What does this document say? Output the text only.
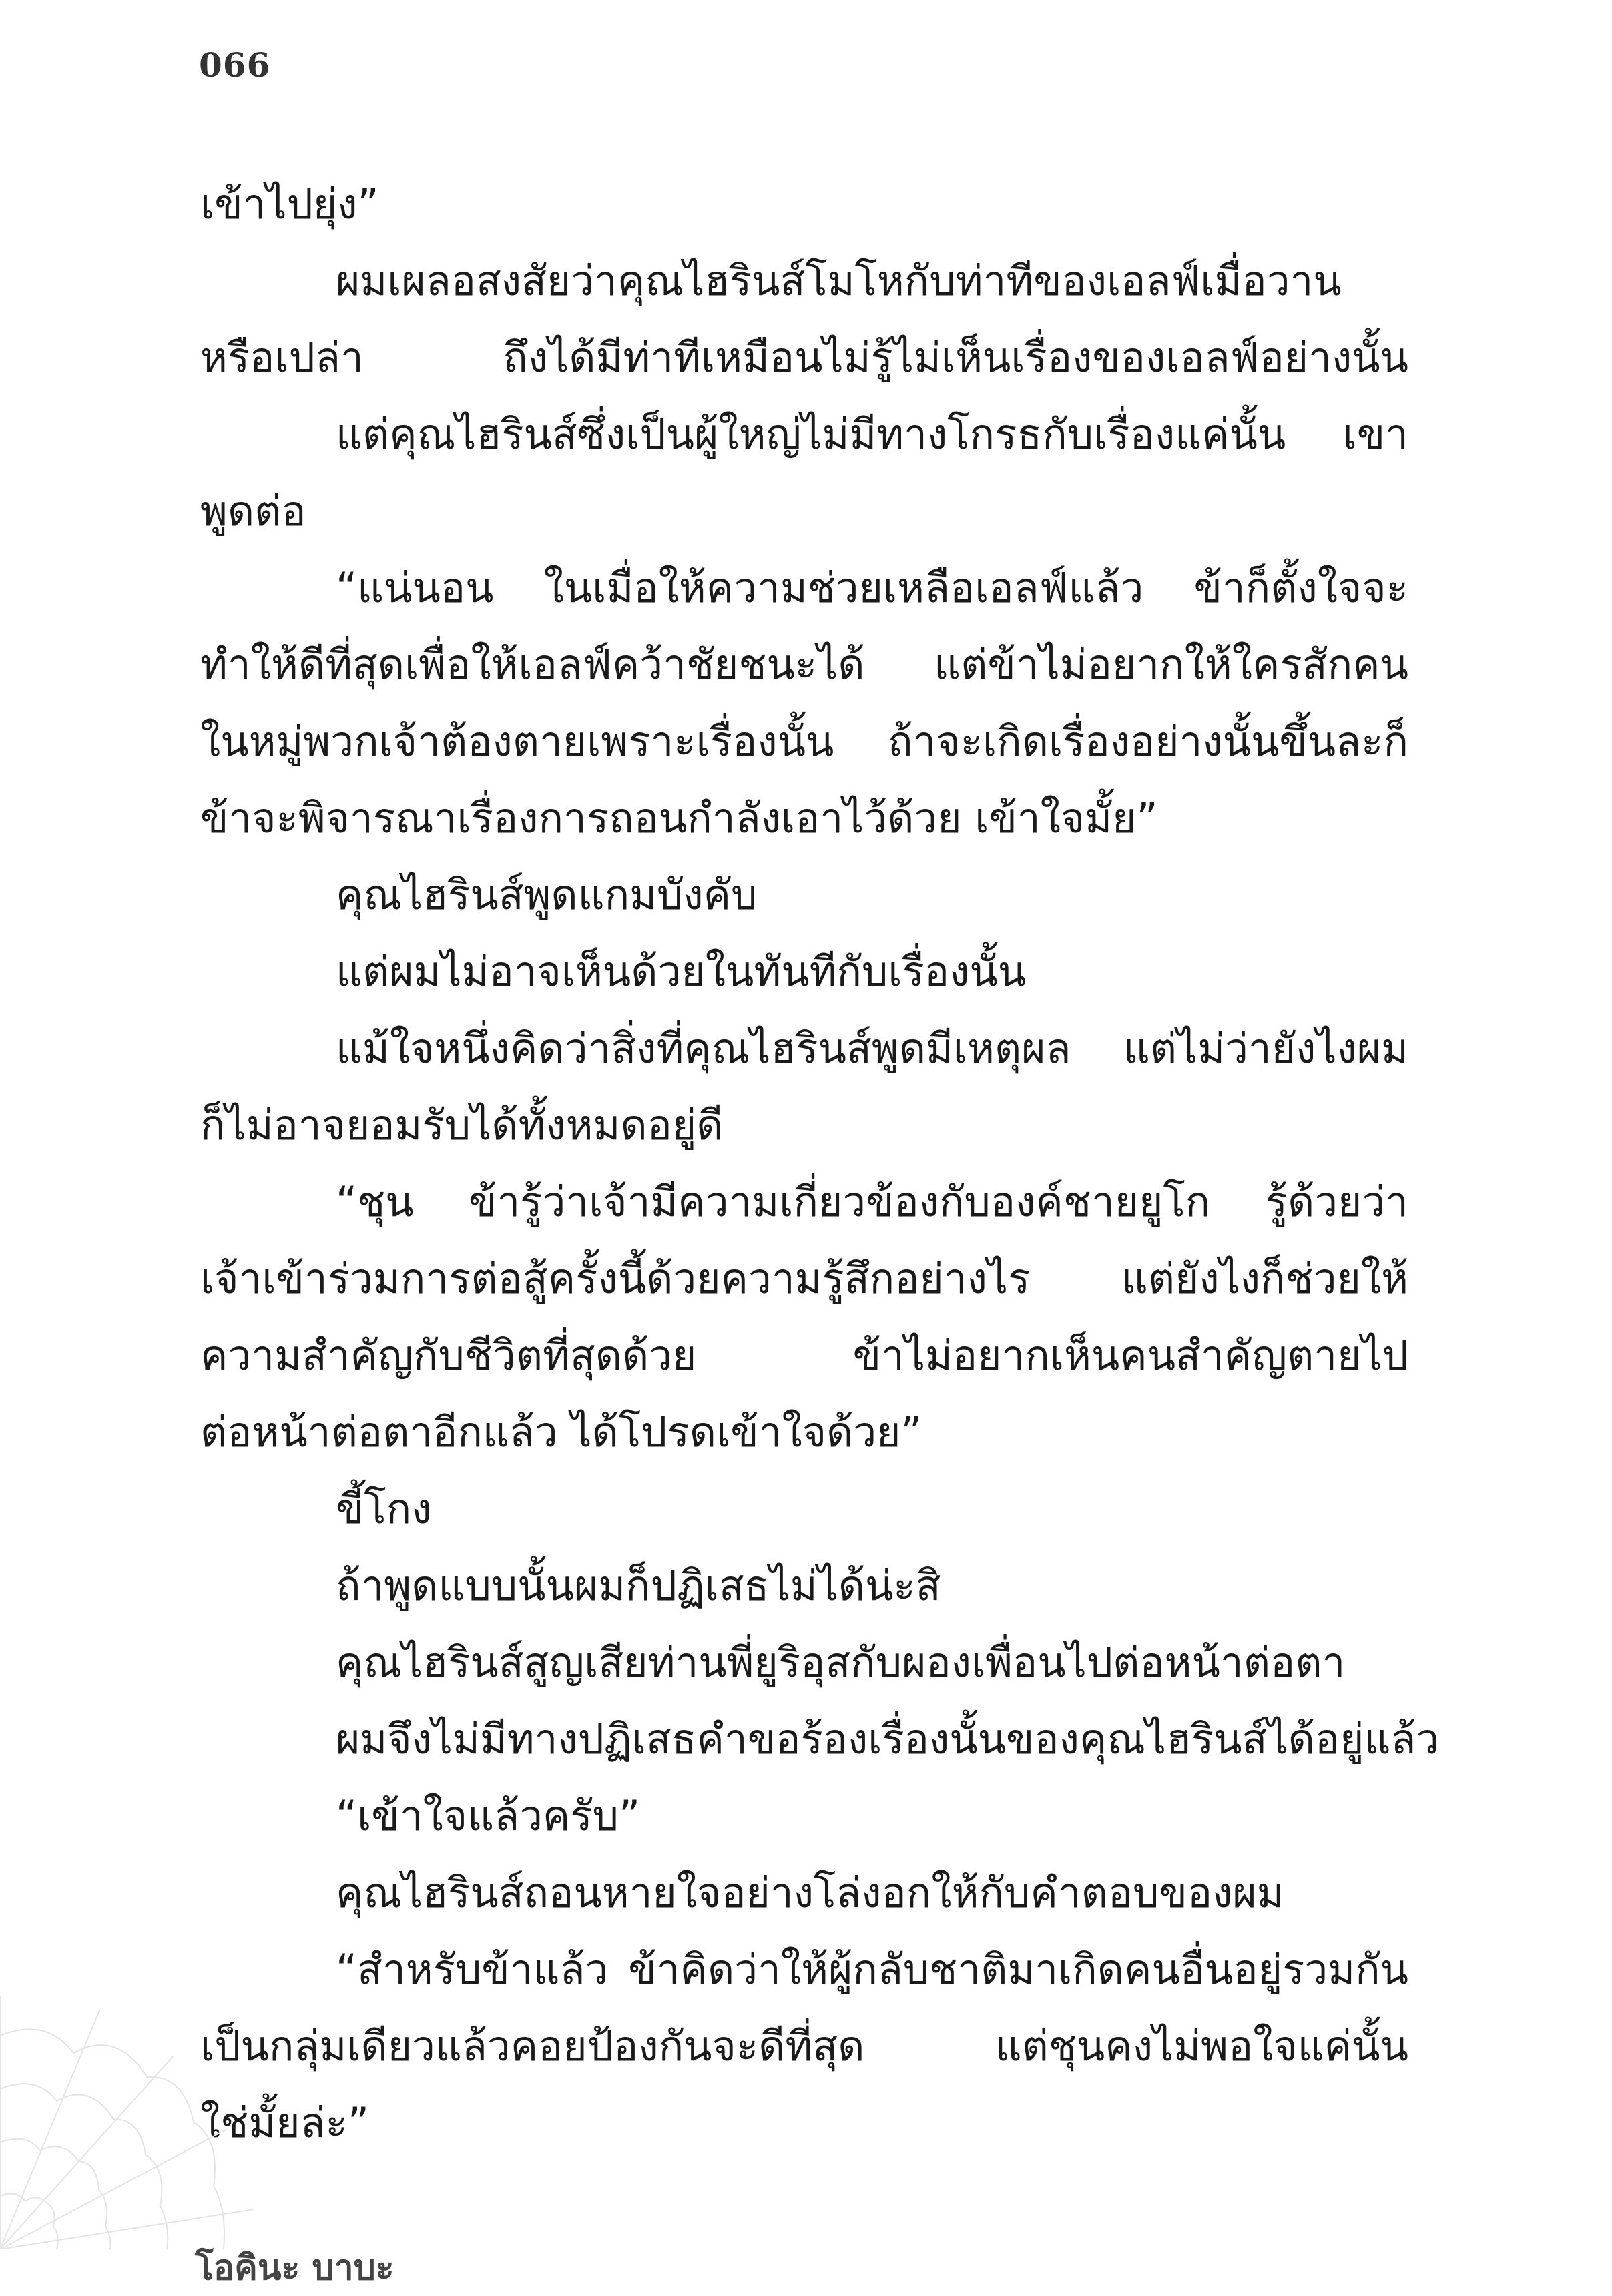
066
เข้าไปยุ่ง”
ผมเผลอสงสัยว่าคุณไฮรินส์โมโหกับท่าทีของเอลฟ์เมื่อวาน
หรือเปล่า ถึงได้มีท่าทีเหมือนไม่รู้ไม่เห็นเรื่องของเอลฟ์อย่างนั้น
แต่คุณไฮรินส์ซึ่งเป็นผู้ใหญ่ไม่มีทางโกรธกับเรื่องแค่นั้น เขา
พูดต่อ
“แน่นอน ในเมื่อให้ความช่วยเหลือเอลฟ์แล้ว ข้าก็ตั้งใจจะ
ทำให้ดีที่สุดเพื่อให้เอลฟ์คว้าชัยชนะได้ แต่ข้าไม่อยากให้ใครสักคน
ในหมู่พวกเจ้าต้องตายเพราะเรื่องนั้น ถ้าจะเกิดเรื่องอย่างนั้นขึ้นละก็
ข้าจะพิจารณาเรื่องการถอนกำลังเอาไว้ด้วย เข้าใจมั้ย”
คุณไฮรินส์พูดแกมบังคับ
แต่ผมไม่อาจเห็นด้วยในทันทีกับเรื่องนั้น
แม้ใจหนึ่งคิดว่าสิ่งที่คุณไฮรินส์พูดมีเหตุผล แต่ไม่ว่ายังไงผม
ก็ไม่อาจยอมรับได้ทั้งหมดอยู่ดี
“ชุน ข้ารู้ว่าเจ้ามีความเกี่ยวข้องกับองค์ชายยูโก รู้ด้วยว่า
เจ้าเข้าร่วมการต่อสู้ครั้งนี้ด้วยความรู้สึกอย่างไร แต่ยังไงก็ช่วยให้
ความสำคัญกับชีวิตที่สุดด้วย ข้าไม่อยากเห็นคนสำคัญตายไป
ต่อหน้าต่อตาอีกแล้ว ได้โปรดเข้าใจด้วย”
ขี้โกง
ถ้าพูดแบบนั้นผมก็ปฏิเสธไม่ได้น่ะสิ
คุณไฮรินส์สูญเสียท่านพี่ยูริอุสกับผองเพื่อนไปต่อหน้าต่อตา
ผมจึงไม่มีทางปฏิเสธคำขอร้องเรื่องนั้นของคุณไฮรินส์ได้อยู่แล้ว
“เข้าใจแล้วครับ”
คุณไฮรินส์ถอนหายใจอย่างโล่งอกให้กับคำตอบของผม
“สำหรับข้าแล้ว ข้าคิดว่าให้ผู้กลับชาติมาเกิดคนอื่นอยู่รวมกัน
เป็นกลุ่มเดียวแล้วคอยป้องกันจะดีที่สุด แต่ชุนคงไม่พอใจแค่นั้น
ใช่มั้ยล่ะ”
โอคินะ บาบะ
